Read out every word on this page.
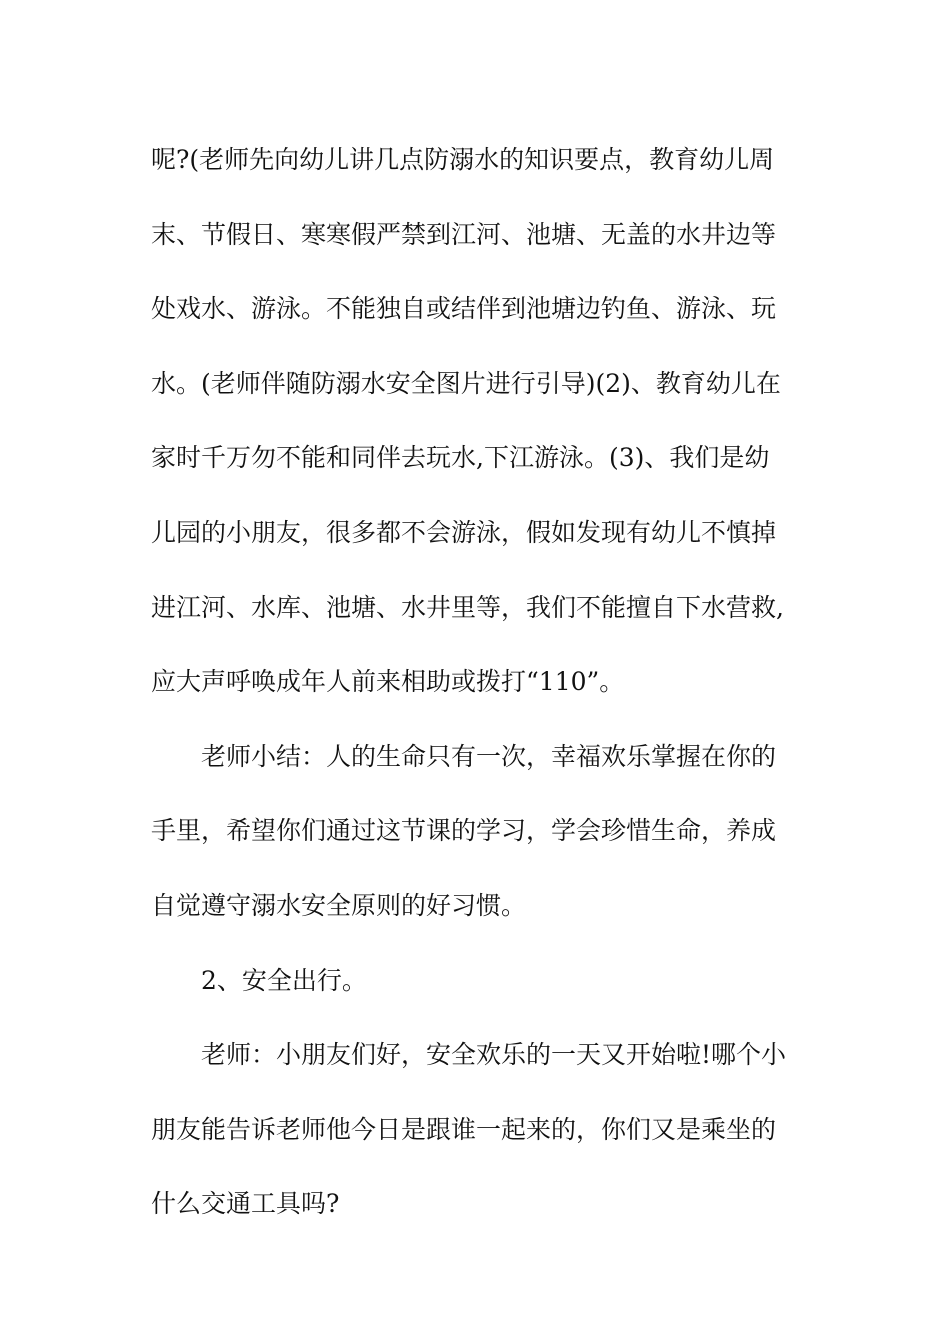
呢?(老师先向幼儿讲几点防溺水的知识要点，教育幼儿周
末、节假日、寒寒假严禁到江河、池塘、无盖的水井边等
处戏水、游泳。不能独自或结伴到池塘边钓鱼、游泳、玩
水。(老师伴随防溺水安全图片进行引导)(2)、教育幼儿在
家时千万勿不能和同伴去玩水,下江游泳。(3)、我们是幼
儿园的小朋友，很多都不会游泳，假如发现有幼儿不慎掉
进江河、水库、池塘、水井里等，我们不能擅自下水营救,
应大声呼唤成年人前来相助或拨打“110”。
老师小结：人的生命只有一次，幸福欢乐掌握在你的
手里，希望你们通过这节课的学习，学会珍惜生命，养成
自觉遵守溺水安全原则的好习惯。
2、安全出行。
老师：小朋友们好，安全欢乐的一天又开始啦!哪个小
朋友能告诉老师他今日是跟谁一起来的，你们又是乘坐的
什么交通工具吗?
